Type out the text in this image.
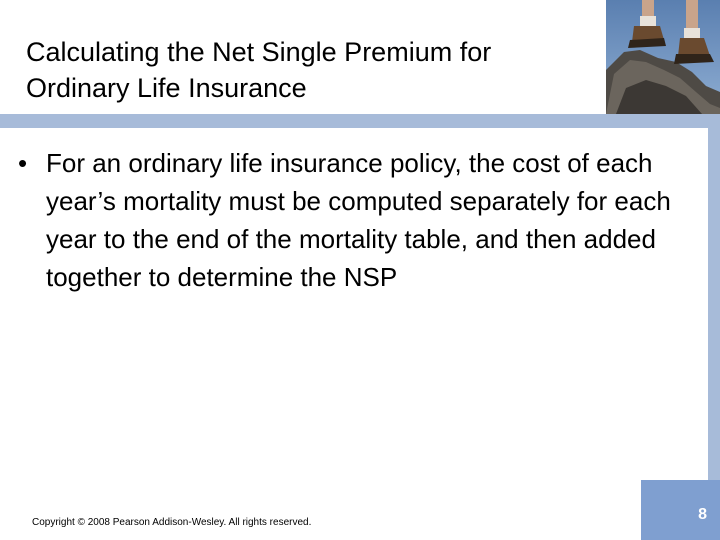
Calculating the Net Single Premium for Ordinary Life Insurance
• For an ordinary life insurance policy, the cost of each year’s mortality must be computed separately for each year to the end of the mortality table, and then added together to determine the NSP
Copyright © 2008 Pearson Addison-Wesley. All rights reserved.	8
